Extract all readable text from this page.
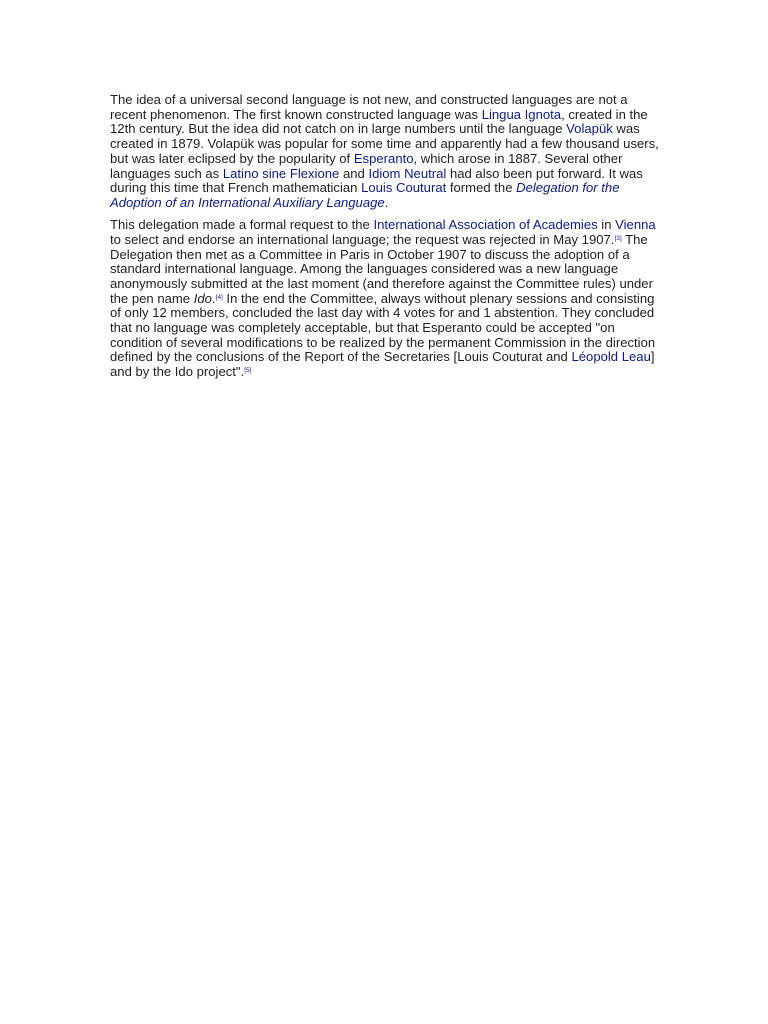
The idea of a universal second language is not new, and constructed languages are not a recent phenomenon. The first known constructed language was Lingua Ignota, created in the 12th century. But the idea did not catch on in large numbers until the language Volapük was created in 1879. Volapük was popular for some time and apparently had a few thousand users, but was later eclipsed by the popularity of Esperanto, which arose in 1887. Several other languages such as Latino sine Flexione and Idiom Neutral had also been put forward. It was during this time that French mathematician Louis Couturat formed the Delegation for the Adoption of an International Auxiliary Language.

This delegation made a formal request to the International Association of Academies in Vienna to select and endorse an international language; the request was rejected in May 1907.[3] The Delegation then met as a Committee in Paris in October 1907 to discuss the adoption of a standard international language. Among the languages considered was a new language anonymously submitted at the last moment (and therefore against the Committee rules) under the pen name Ido.[4] In the end the Committee, always without plenary sessions and consisting of only 12 members, concluded the last day with 4 votes for and 1 abstention. They concluded that no language was completely acceptable, but that Esperanto could be accepted "on condition of several modifications to be realized by the permanent Commission in the direction defined by the conclusions of the Report of the Secretaries [Louis Couturat and Léopold Leau] and by the Ido project".[5]
